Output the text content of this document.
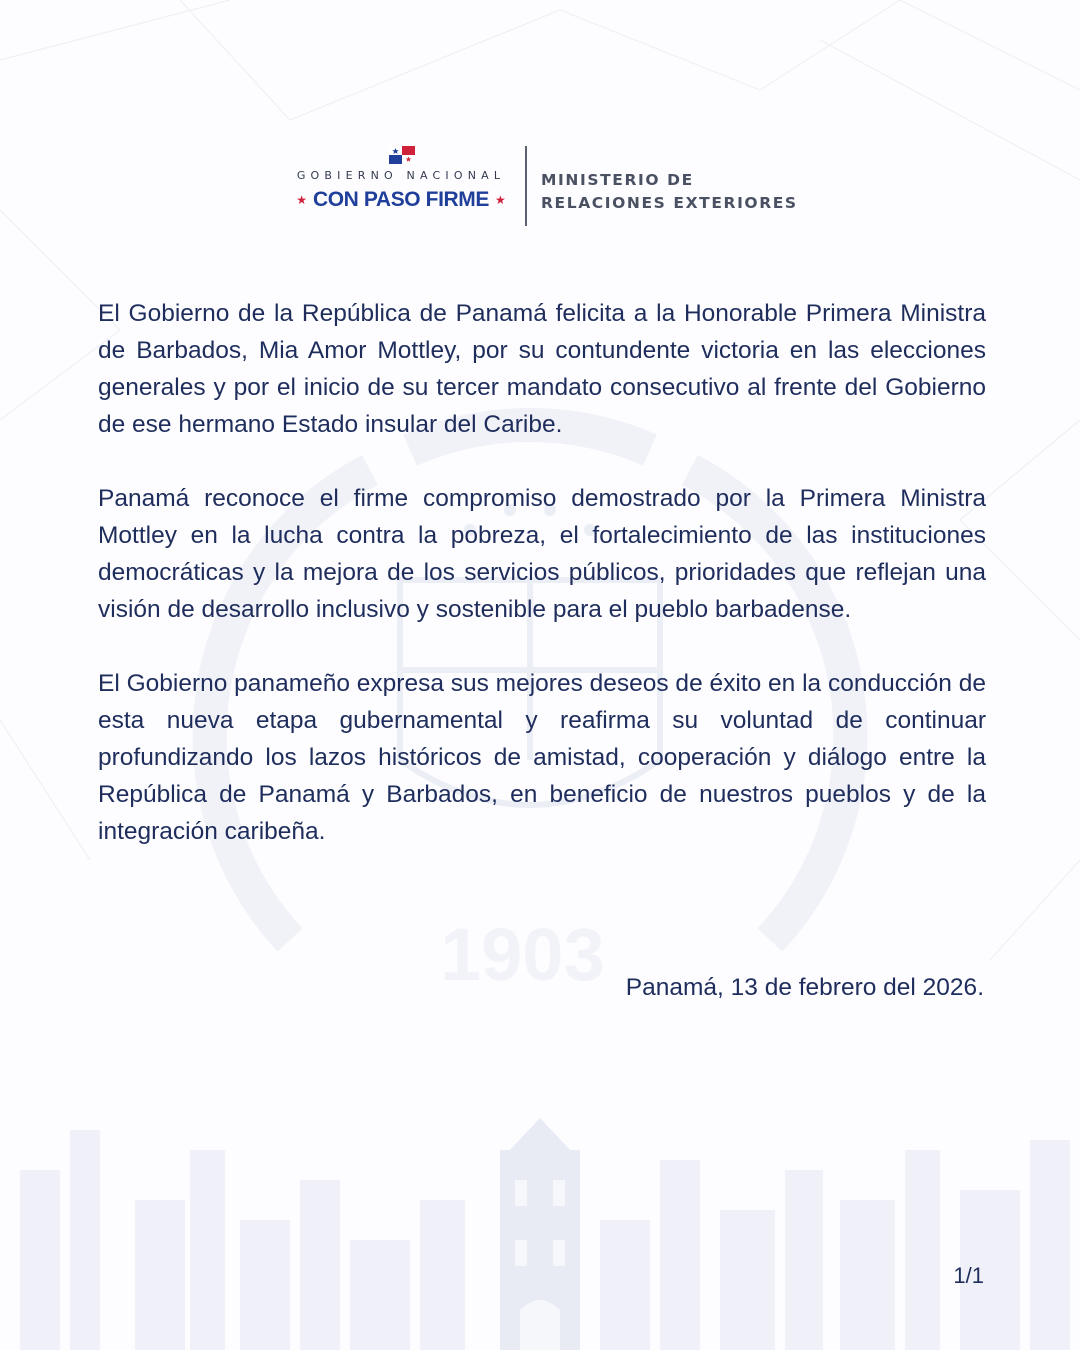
1903
GOBIERNO NACIONAL
★ CON PASO FIRME ★
MINISTERIO DE
RELACIONES EXTERIORES

El Gobierno de la República de Panamá felicita a la Honorable Primera Ministra de Barbados, Mia Amor Mottley, por su contundente victoria en las elecciones generales y por el inicio de su tercer mandato consecutivo al frente del Gobierno de ese hermano Estado insular del Caribe.

Panamá reconoce el firme compromiso demostrado por la Primera Ministra Mottley en la lucha contra la pobreza, el fortalecimiento de las instituciones democráticas y la mejora de los servicios públicos, prioridades que reflejan una visión de desarrollo inclusivo y sostenible para el pueblo barbadense.

El Gobierno panameño expresa sus mejores deseos de éxito en la conducción de esta nueva etapa gubernamental y reafirma su voluntad de continuar profundizando los lazos históricos de amistad, cooperación y diálogo entre la República de Panamá y Barbados, en beneficio de nuestros pueblos y de la integración caribeña.

Panamá, 13 de febrero del 2026.
1/1
